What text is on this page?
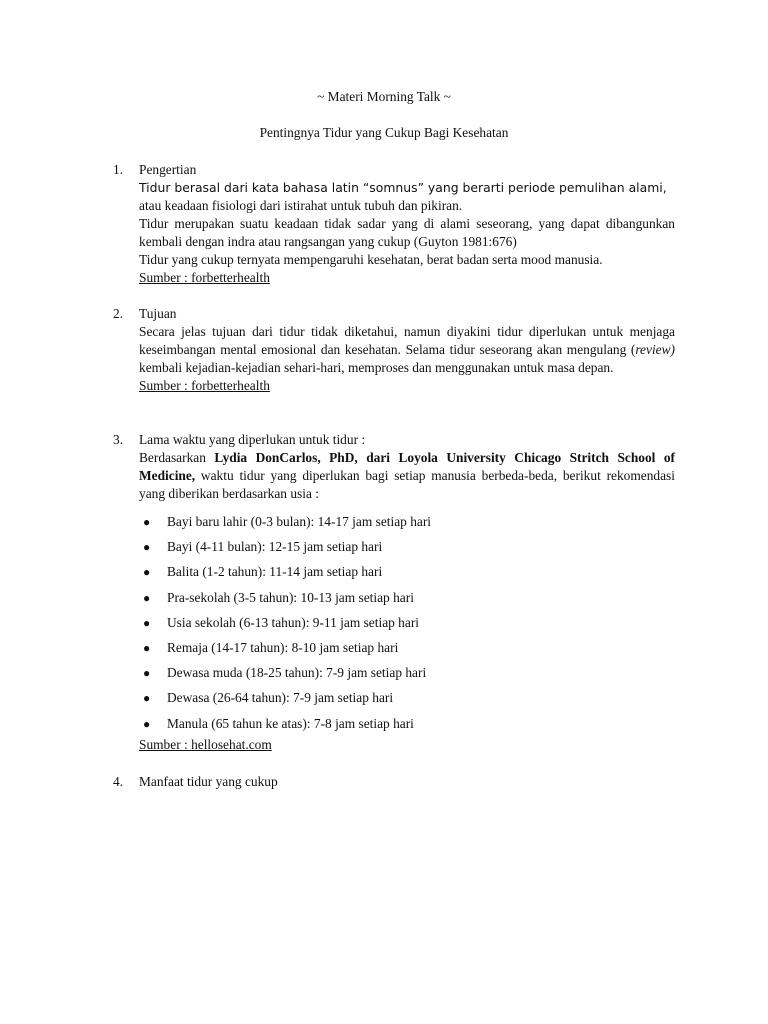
~ Materi Morning Talk ~
Pentingnya Tidur yang Cukup Bagi Kesehatan
1.	Pengertian
Tidur berasal dari kata bahasa latin “somnus” yang berarti periode pemulihan alami,
atau keadaan fisiologi dari istirahat untuk tubuh dan pikiran.
Tidur merupakan suatu keadaan tidak sadar yang di alami seseorang, yang dapat dibangunkan kembali dengan indra atau rangsangan yang cukup (Guyton 1981:676)
Tidur yang cukup ternyata mempengaruhi kesehatan, berat badan serta mood manusia.
Sumber : forbetterhealth
2.	Tujuan
Secara jelas tujuan dari tidur tidak diketahui, namun diyakini tidur diperlukan untuk menjaga keseimbangan mental emosional dan kesehatan. Selama tidur seseorang akan mengulang (review) kembali kejadian-kejadian sehari-hari, memproses dan menggunakan untuk masa depan.
Sumber : forbetterhealth
3.	Lama waktu yang diperlukan untuk tidur :
Berdasarkan Lydia DonCarlos, PhD, dari Loyola University Chicago Stritch School of Medicine, waktu tidur yang diperlukan bagi setiap manusia berbeda-beda, berikut rekomendasi yang diberikan berdasarkan usia :
● Bayi baru lahir (0-3 bulan): 14-17 jam setiap hari
● Bayi (4-11 bulan): 12-15 jam setiap hari
● Balita (1-2 tahun): 11-14 jam setiap hari
● Pra-sekolah (3-5 tahun): 10-13 jam setiap hari
● Usia sekolah (6-13 tahun): 9-11 jam setiap hari
● Remaja (14-17 tahun): 8-10 jam setiap hari
● Dewasa muda (18-25 tahun): 7-9 jam setiap hari
● Dewasa (26-64 tahun): 7-9 jam setiap hari
● Manula (65 tahun ke atas): 7-8 jam setiap hari
Sumber : hellosehat.com
4.	Manfaat tidur yang cukup
